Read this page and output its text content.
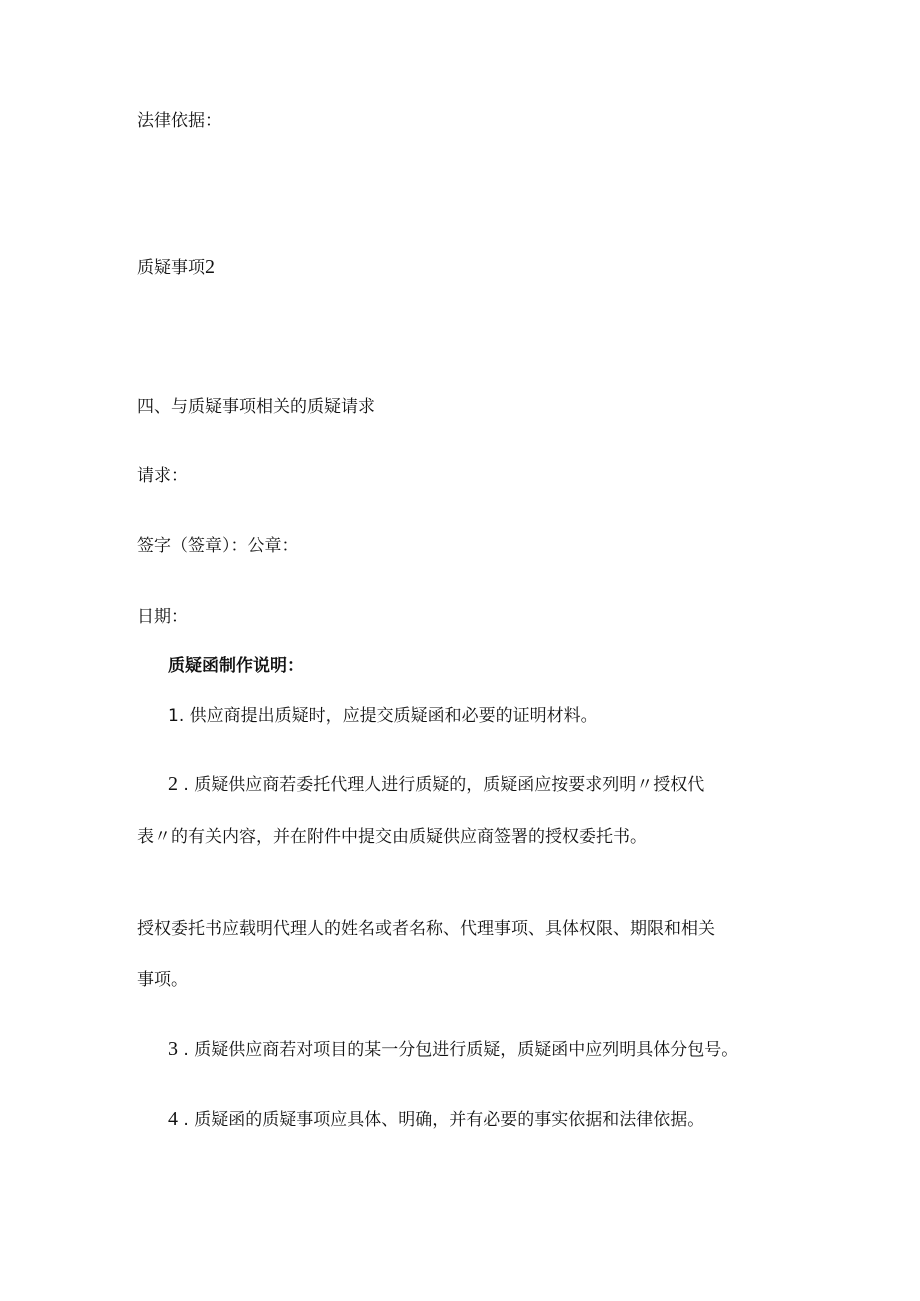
法律依据：
质疑事项2
四、与质疑事项相关的质疑请求
请求：
签字（签章）：公章：
日期：
质疑函制作说明：
1. 供应商提出质疑时，应提交质疑函和必要的证明材料。
2 . 质疑供应商若委托代理人进行质疑的，质疑函应按要求列明〃授权代
表〃的有关内容，并在附件中提交由质疑供应商签署的授权委托书。
授权委托书应载明代理人的姓名或者名称、代理事项、具体权限、期限和相关
事项。
3 . 质疑供应商若对项目的某一分包进行质疑，质疑函中应列明具体分包号。
4 . 质疑函的质疑事项应具体、明确，并有必要的事实依据和法律依据。
